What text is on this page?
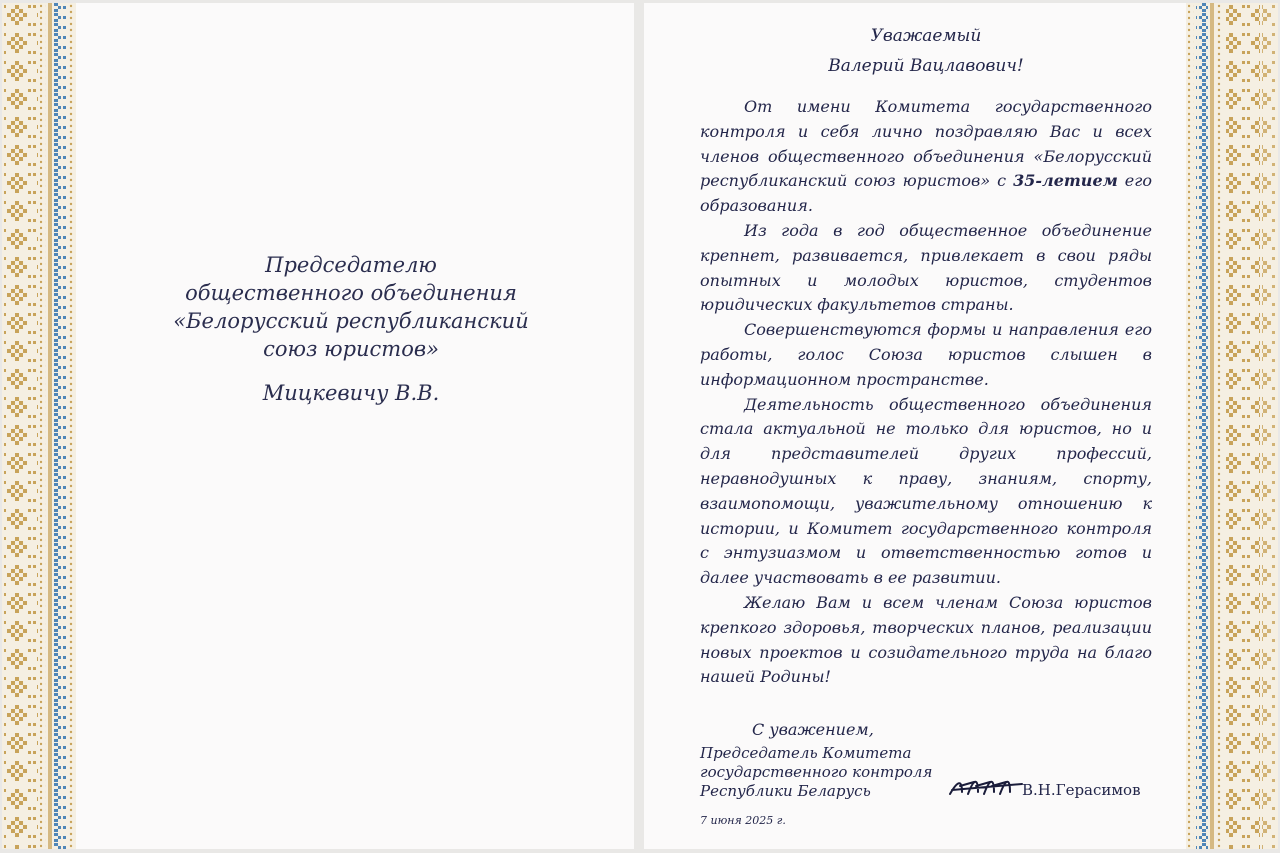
Председателю
общественного объединения
«Белорусский республиканский
союз юристов»
Мицкевичу В.В.

Уважаемый

Валерий Вацлавович!

От имени Комитета государственного контроля и себя лично поздравляю Вас и всех членов общественного объединения «Белорусский республиканский союз юристов» с 35-летием его образования.

Из года в год общественное объединение крепнет, развивается, привлекает в свои ряды опытных и молодых юристов, студентов юридических факультетов страны.

Совершенствуются формы и направления его работы, голос Союза юристов слышен в информационном пространстве.

Деятельность общественного объединения стала актуальной не только для юристов, но и для представителей других профессий, неравнодушных к праву, знаниям, спорту, взаимопомощи, уважительному отношению к истории, и Комитет государственного контроля с энтузиазмом и ответственностью готов и далее участвовать в ее развитии.

Желаю Вам и всем членам Союза юристов крепкого здоровья, творческих планов, реализации новых проектов и созидательного труда на благо нашей Родины!

С уважением,

Председатель Комитета

государственного контроля

Республики Беларусь	В.Н.Герасимов
7 июня 2025 г.
